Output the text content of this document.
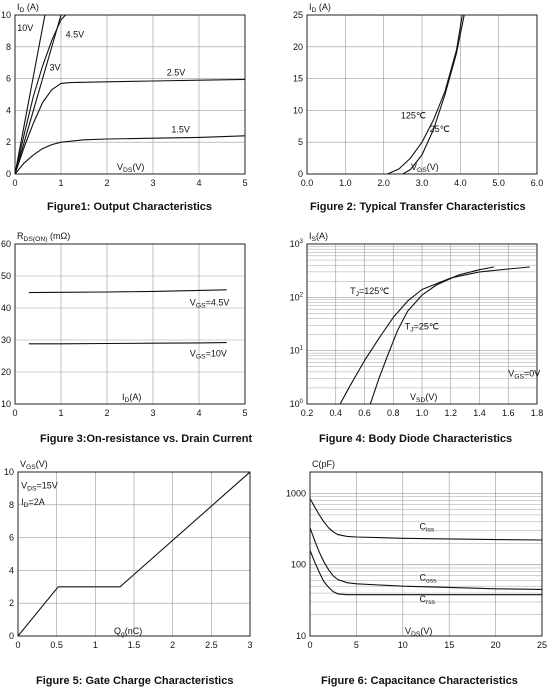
0	1	2	3	4	5
0
2
4
6
8
10
$I_D$ (A)
$V_{DS}(V)$
10V
4.5V
3V	2.5V
1.5V
0.0	1.0	2.0	3.0	4.0	5.0	6.0
0
5
10
15
20
25
$I_D$ (A)
$V_{GS}(V)$
125℃
25℃
0	1	2	3	4	5
10
20
30
40
50
60
$R_{DS(ON)}$ (mΩ)
$I_D(A)$
$V_{GS}=4.5V$
$V_{GS}=10V$
0.2 0.4 0.6 0.8 1.0 1.2 1.4 1.6 1.8
$10^0$
$10^1$
$10^2$
$10^3$
$I_S(A)$
$V_{SD}(V)$
$T_J=125℃$
$T_J=25℃$
$V_{GS}=0V$
0	0.5	1	1.5	2	2.5	3
0
2
4
6
8
10
$V_{GS}(V)$
$Q_g(nC)$
$V_{DS}=15V$
$I_D=2A$
0	5	10	15	20	25
10
100
1000
C(pF)
$V_{DS}(V)$
$C_{iss}$
$C_{oss}$
$C_{rss}$
Figure1: Output Characteristics	Figure 2: Typical Transfer Characteristics
Figure 3:On-resistance vs. Drain Current	Figure 4: Body Diode Characteristics
Figure 5: Gate Charge Characteristics	Figure 6: Capacitance Characteristics
